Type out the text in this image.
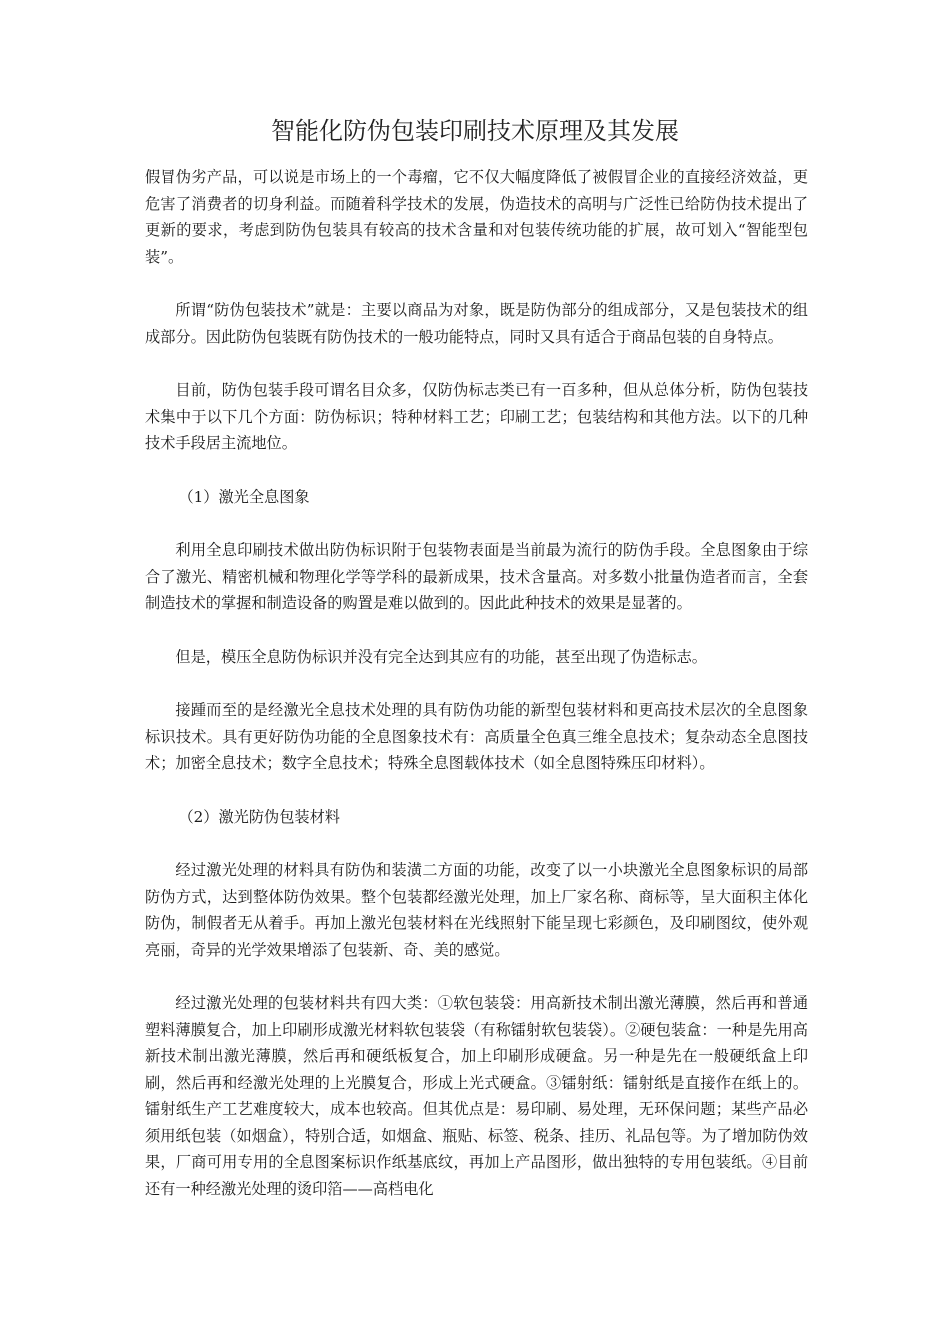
智能化防伪包装印刷技术原理及其发展

假冒伪劣产品，可以说是市场上的一个毒瘤，它不仅大幅度降低了被假冒企业的直接经济效益，更危害了消费者的切身利益。而随着科学技术的发展，伪造技术的高明与广泛性已给防伪技术提出了更新的要求，考虑到防伪包装具有较高的技术含量和对包装传统功能的扩展，故可划入“智能型包装”。

所谓“防伪包装技术”就是：主要以商品为对象，既是防伪部分的组成部分，又是包装技术的组成部分。因此防伪包装既有防伪技术的一般功能特点，同时又具有适合于商品包装的自身特点。

目前，防伪包装手段可谓名目众多，仅防伪标志类已有一百多种，但从总体分析，防伪包装技术集中于以下几个方面：防伪标识；特种材料工艺；印刷工艺；包装结构和其他方法。以下的几种技术手段居主流地位。

（1）激光全息图象

利用全息印刷技术做出防伪标识附于包装物表面是当前最为流行的防伪手段。全息图象由于综合了激光、精密机械和物理化学等学科的最新成果，技术含量高。对多数小批量伪造者而言，全套制造技术的掌握和制造设备的购置是难以做到的。因此此种技术的效果是显著的。

但是，模压全息防伪标识并没有完全达到其应有的功能，甚至出现了伪造标志。

接踵而至的是经激光全息技术处理的具有防伪功能的新型包装材料和更高技术层次的全息图象标识技术。具有更好防伪功能的全息图象技术有：高质量全色真三维全息技术；复杂动态全息图技术；加密全息技术；数字全息技术；特殊全息图载体技术（如全息图特殊压印材料）。

（2）激光防伪包装材料

经过激光处理的材料具有防伪和装潢二方面的功能，改变了以一小块激光全息图象标识的局部防伪方式，达到整体防伪效果。整个包装都经激光处理，加上厂家名称、商标等，呈大面积主体化防伪，制假者无从着手。再加上激光包装材料在光线照射下能呈现七彩颜色，及印刷图纹，使外观亮丽，奇异的光学效果增添了包装新、奇、美的感觉。

经过激光处理的包装材料共有四大类：①软包装袋：用高新技术制出激光薄膜，然后再和普通塑料薄膜复合，加上印刷形成激光材料软包装袋（有称镭射软包装袋）。②硬包装盒：一种是先用高新技术制出激光薄膜，然后再和硬纸板复合，加上印刷形成硬盒。另一种是先在一般硬纸盒上印刷，然后再和经激光处理的上光膜复合，形成上光式硬盒。③镭射纸：镭射纸是直接作在纸上的。镭射纸生产工艺难度较大，成本也较高。但其优点是：易印刷、易处理，无环保问题；某些产品必须用纸包装（如烟盒），特别合适，如烟盒、瓶贴、标签、税条、挂历、礼品包等。为了增加防伪效果，厂商可用专用的全息图案标识作纸基底纹，再加上产品图形，做出独特的专用包装纸。④目前还有一种经激光处理的烫印箔——高档电化
